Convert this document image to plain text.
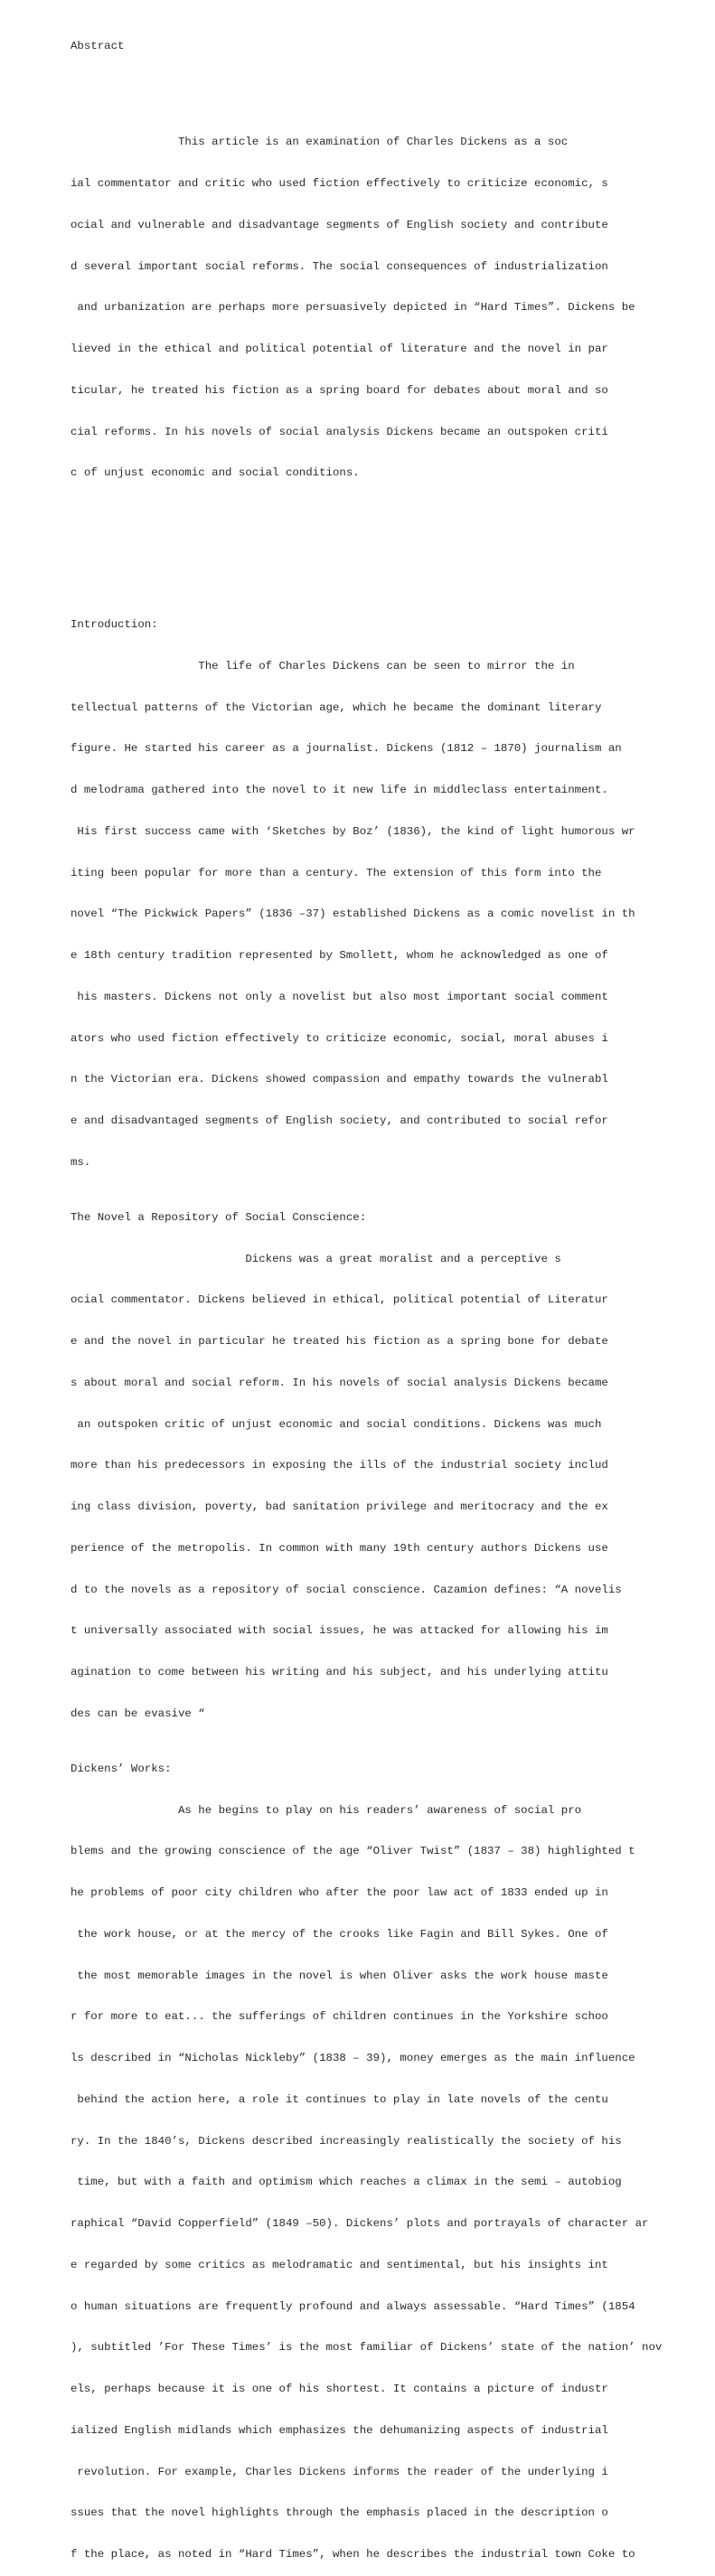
Abstract

This article is an examination of Charles Dickens as a soc

ial commentator and critic who used fiction effectively to criticize economic, s

ocial and vulnerable and disadvantage segments of English society and contribute

d several important social reforms. The social consequences of industrialization

and urbanization are perhaps more persuasively depicted in “Hard Times”. Dickens be

lieved in the ethical and political potential of literature and the novel in par

ticular, he treated his fiction as a spring board for debates about moral and so

cial reforms. In his novels of social analysis Dickens became an outspoken criti

c of unjust economic and social conditions.

Introduction:

The life of Charles Dickens can be seen to mirror the in

tellectual patterns of the Victorian age, which he became the dominant literary

figure. He started his career as a journalist. Dickens (1812 – 1870) journalism an

d melodrama gathered into the novel to it new life in middleclass entertainment.

His first success came with ‘Sketches by Boz’ (1836), the kind of light humorous wr

iting been popular for more than a century. The extension of this form into the

novel “The Pickwick Papers” (1836 –37) established Dickens as a comic novelist in th

e 18th century tradition represented by Smollett, whom he acknowledged as one of

his masters. Dickens not only a novelist but also most important social comment

ators who used fiction effectively to criticize economic, social, moral abuses i

n the Victorian era. Dickens showed compassion and empathy towards the vulnerabl

e and disadvantaged segments of English society, and contributed to social refor

ms.

The Novel a Repository of Social Conscience:

Dickens was a great moralist and a perceptive s

ocial commentator. Dickens believed in ethical, political potential of Literatur

e and the novel in particular he treated his fiction as a spring bone for debate

s about moral and social reform. In his novels of social analysis Dickens became

an outspoken critic of unjust economic and social conditions. Dickens was much

more than his predecessors in exposing the ills of the industrial society includ

ing class division, poverty, bad sanitation privilege and meritocracy and the ex

perience of the metropolis. In common with many 19th century authors Dickens use

d to the novels as a repository of social conscience. Cazamion defines: “A novelis

t universally associated with social issues, he was attacked for allowing his im

agination to come between his writing and his subject, and his underlying attitu

des can be evasive “

Dickens’ Works:

As he begins to play on his readers’ awareness of social pro

blems and the growing conscience of the age “Oliver Twist” (1837 – 38) highlighted t

he problems of poor city children who after the poor law act of 1833 ended up in

the work house, or at the mercy of the crooks like Fagin and Bill Sykes. One of

the most memorable images in the novel is when Oliver asks the work house maste

r for more to eat... the sufferings of children continues in the Yorkshire schoo

ls described in “Nicholas Nickleby” (1838 – 39), money emerges as the main influence

behind the action here, a role it continues to play in late novels of the centu

ry. In the 1840’s, Dickens described increasingly realistically the society of his

time, but with a faith and optimism which reaches a climax in the semi – autobiog

raphical “David Copperfield” (1849 –50). Dickens’ plots and portrayals of character ar

e regarded by some critics as melodramatic and sentimental, but his insights int

o human situations are frequently profound and always assessable. “Hard Times” (1854

), subtitled ’For These Times’ is the most familiar of Dickens’ state of the nation’ nov

els, perhaps because it is one of his shortest. It contains a picture of industr

ialized English midlands which emphasizes the dehumanizing aspects of industrial

revolution. For example, Charles Dickens informs the reader of the underlying i

ssues that the novel highlights through the emphasis placed in the description o

f the place, as noted in “Hard Times”, when he describes the industrial town Coke to
